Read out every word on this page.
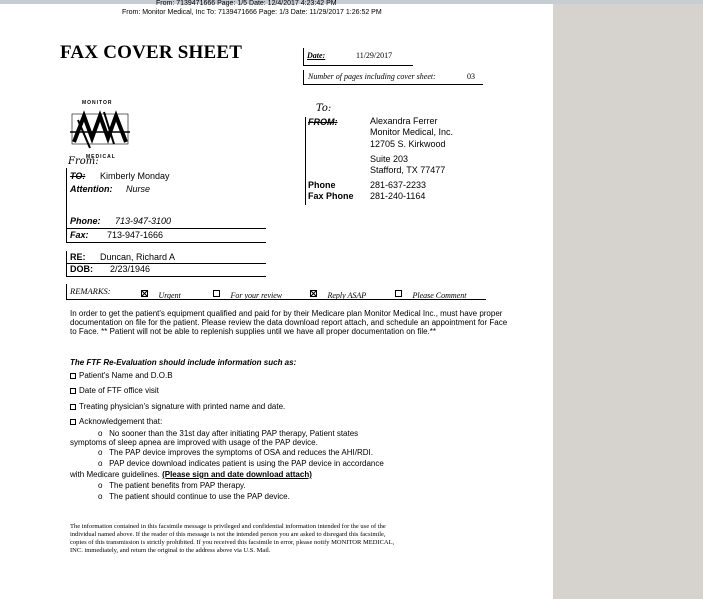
From: 7139471666 Page: 1/5 Date: 12/4/2017 4:23:42 PM
From: Monitor Medical, Inc To: 7139471666 Page: 1/3 Date: 11/29/2017 1:26:52 PM
FAX COVER SHEET	Date:	11/29/2017
Number of pages including cover sheet:	03
MONITOR
MEDICAL
To:
FROM:	Alexandra Ferrer
Monitor Medical, Inc.
12705 S. Kirkwood
Suite 203
Stafford, TX 77477
Phone	281-637-2233
Fax Phone 281-240-1164
From:
TO: Kimberly Monday
Attention: Nurse
Phone: 713-947-3100
Fax: 713-947-1666
RE: Duncan, Richard A
DOB: 2/23/1946
REMARKS:	Urgent	For your review	Reply ASAP	Please Comment
In order to get the patient's equipment qualified and paid for by their Medicare plan Monitor Medical Inc., must have proper documentation on file for the patient. Please review the data download report attach, and schedule an appointment for Face to Face. ** Patient will not be able to replenish supplies until we have all proper documentation on file.**
The FTF Re-Evaluation should include information such as:
Patient's Name and D.O.B
Date of FTF office visit
Treating physician's signature with printed name and date.
Acknowledgement that:
o No sooner than the 31st day after initiating PAP therapy, Patient states
symptoms of sleep apnea are improved with usage of the PAP device.
o The PAP device improves the symptoms of OSA and reduces the AHI/RDI.
o PAP device download indicates patient is using the PAP device in accordance
with Medicare guidelines. (Please sign and date download attach)
o The patient benefits from PAP therapy.
o The patient should continue to use the PAP device.
The information contained in this facsimile message is privileged and confidential information intended for the use of the
individual named above. If the reader of this message is not the intended person you are asked to disregard this facsimile,
copies of this transmission is strictly prohibited. If you received this facsimile in error, please notify MONITOR MEDICAL,
INC. immediately, and return the original to the address above via U.S. Mail.
